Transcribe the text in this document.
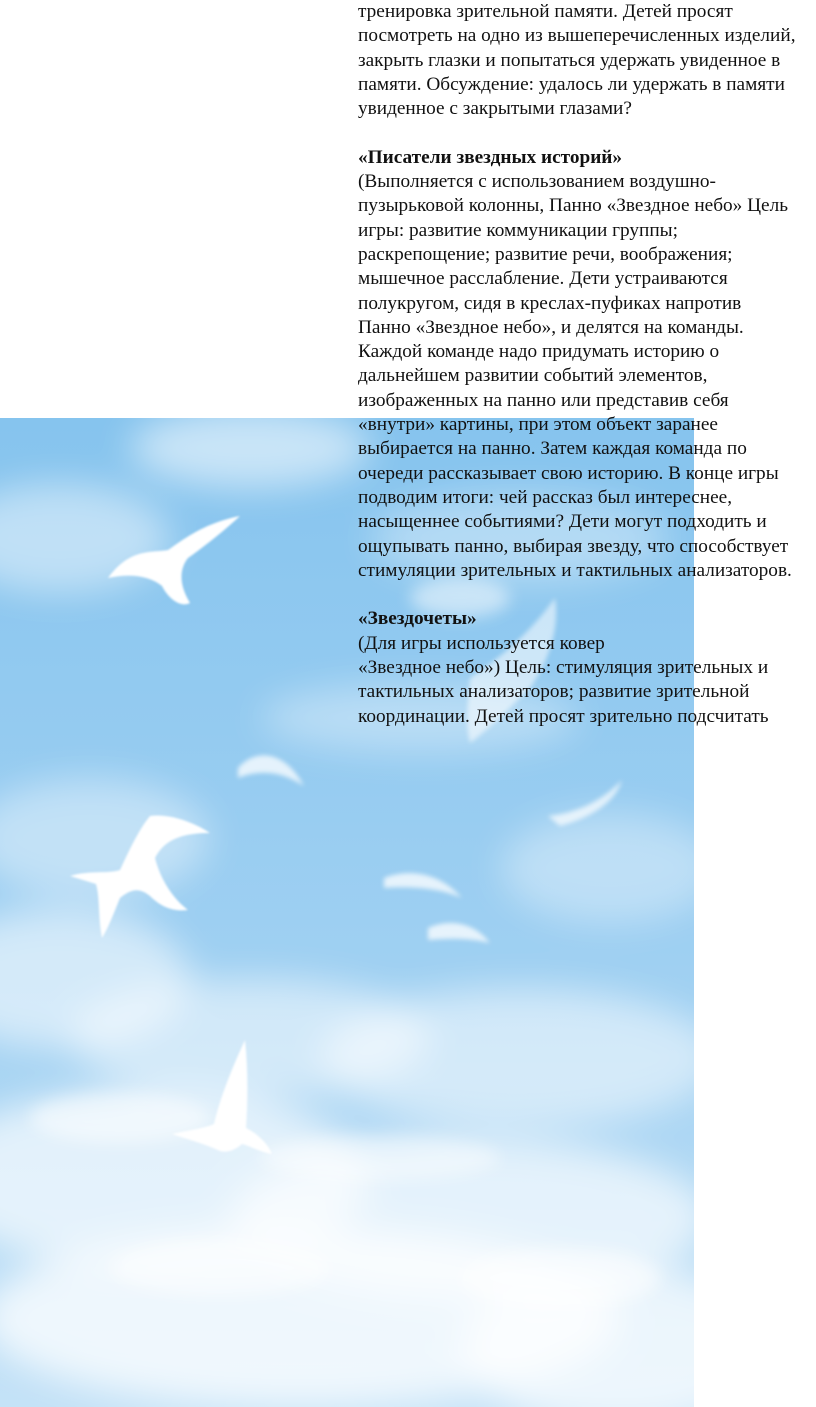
тренировка зрительной памяти. Детей просят
посмотреть на одно из вышеперечисленных изделий,
закрыть глазки и попытаться удержать увиденное в
памяти. Обсуждение: удалось ли удержать в памяти
увиденное с закрытыми глазами?
«Писатели звездных историй»
(Выполняется с использованием воздушно-
пузырьковой колонны, Панно «Звездное небо» Цель
игры: развитие коммуникации группы;
раскрепощение; развитие речи, воображения;
мышечное расслабление. Дети устраиваются
полукругом, сидя в креслах-пуфиках напротив
Панно «Звездное небо», и делятся на команды.
Каждой команде надо придумать историю о
дальнейшем развитии событий элементов,
изображенных на панно или представив себя
«внутри» картины, при этом объект заранее
выбирается на панно. Затем каждая команда по
очереди рассказывает свою историю. В конце игры
подводим итоги: чей рассказ был интереснее,
насыщеннее событиями? Дети могут подходить и
ощупывать панно, выбирая звезду, что способствует
стимуляции зрительных и тактильных анализаторов.
«Звездочеты»
(Для игры используется ковер
«Звездное небо») Цель: стимуляция зрительных и
тактильных анализаторов; развитие зрительной
координации. Детей просят зрительно подсчитать
